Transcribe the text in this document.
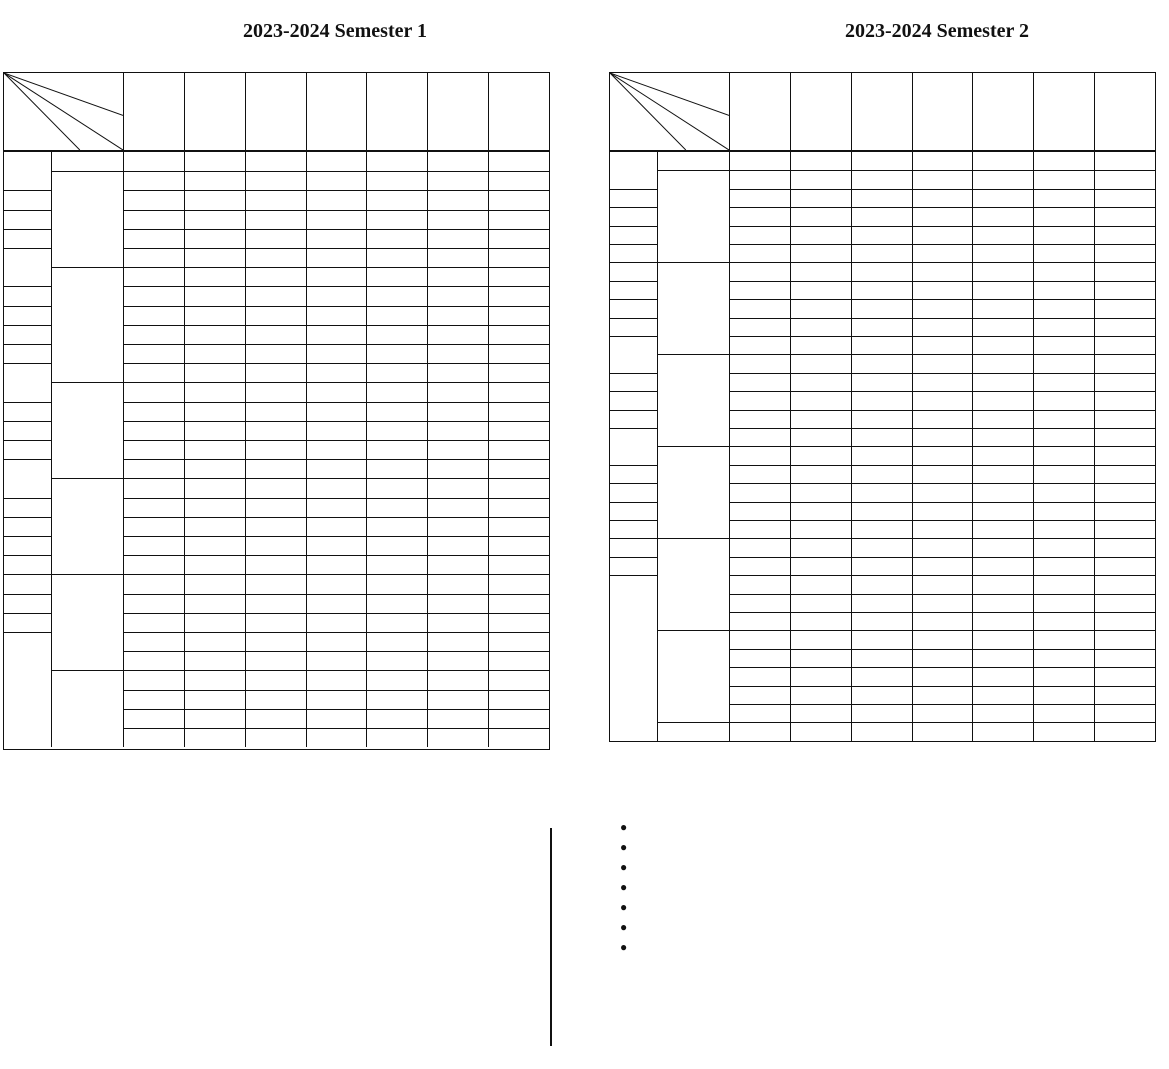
2023-2024 Semester 1	2023-2024 Semester 2
●
●
●
●
●
●
●
